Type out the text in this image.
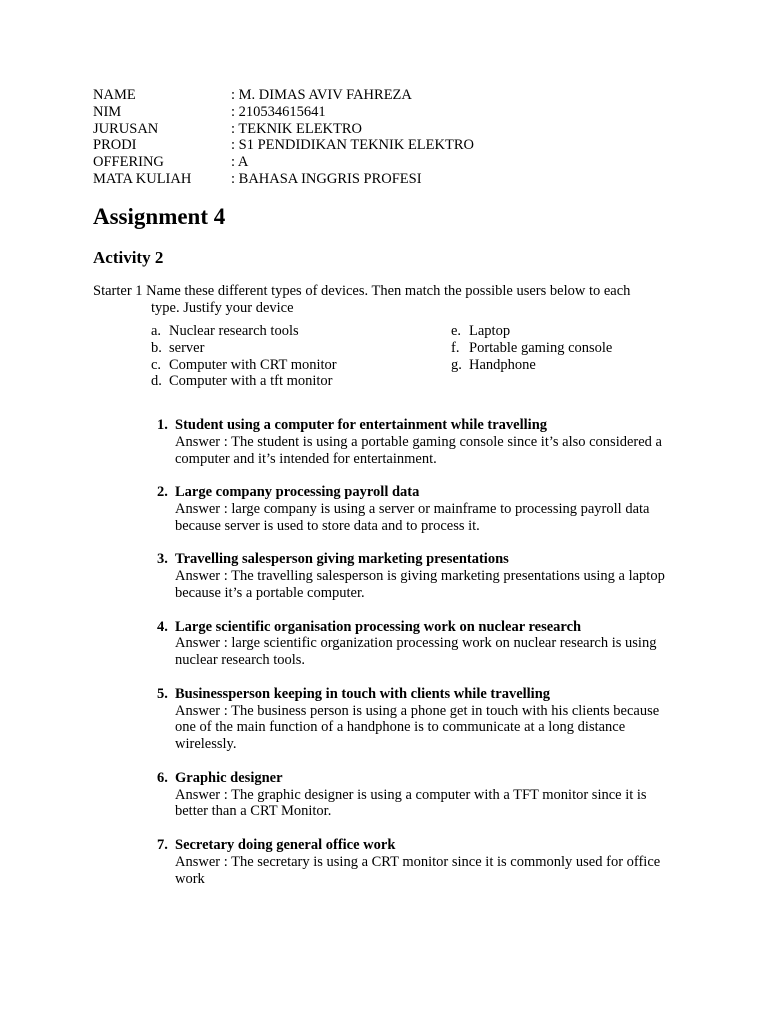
NAME	: M. DIMAS AVIV FAHREZA
NIM	: 210534615641
JURUSAN	: TEKNIK ELEKTRO
PRODI	: S1 PENDIDIKAN TEKNIK ELEKTRO
OFFERING	: A
MATA KULIAH	: BAHASA INGGRIS PROFESI
Assignment 4
Activity 2
Starter 1 Name these different types of devices. Then match the possible users below to each
type. Justify your device
a. Nuclear research tools
b. server
c. Computer with CRT monitor
d. Computer with a tft monitor
e. Laptop
f. Portable gaming console
g. Handphone
1. Student using a computer for entertainment while travelling
Answer : The student is using a portable gaming console since it’s also considered a computer and it’s intended for entertainment.
2. Large company processing payroll data
Answer : large company is using a server or mainframe to processing payroll data because server is used to store data and to process it.
3. Travelling salesperson giving marketing presentations
Answer : The travelling salesperson is giving marketing presentations using a laptop because it’s a portable computer.
4. Large scientific organisation processing work on nuclear research
Answer : large scientific organization processing work on nuclear research is using nuclear research tools.
5. Businessperson keeping in touch with clients while travelling
Answer : The business person is using a phone get in touch with his clients because one of the main function of a handphone is to communicate at a long distance wirelessly.
6. Graphic designer
Answer : The graphic designer is using a computer with a TFT monitor since it is better than a CRT Monitor.
7. Secretary doing general office work
Answer : The secretary is using a CRT monitor since it is commonly used for office work
